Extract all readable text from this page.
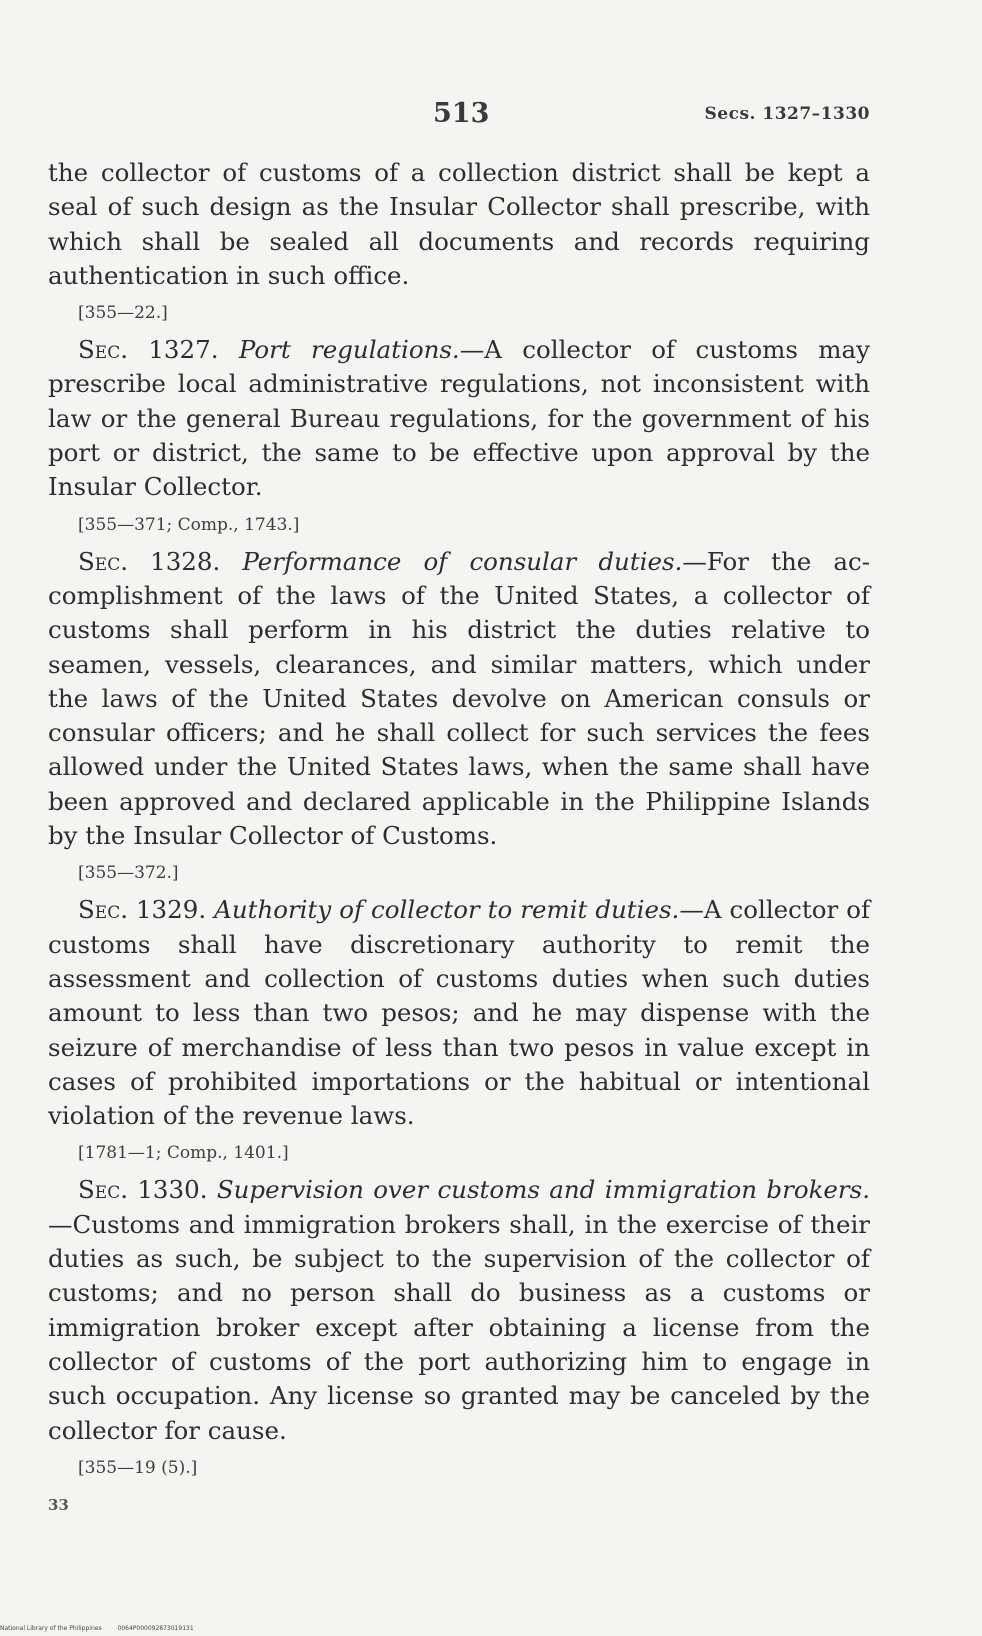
513	Secs. 1327–1330

the collector of customs of a collection district shall be kept a seal of such design as the Insular Collector shall prescribe, with which shall be sealed all documents and records requiring authentication in such office.

[355—22.]

Sec. 1327. Port regulations.—A collector of customs may prescribe local administrative regulations, not inconsistent with law or the general Bureau regulations, for the government of his port or district, the same to be effective upon approval by the Insular Collector.

[355—371; Comp., 1743.]

Sec. 1328. Performance of consular duties.—For the accomplishment of the laws of the United States, a collector of customs shall perform in his district the duties relative to seamen, vessels, clearances, and similar matters, which under the laws of the United States devolve on American consuls or consular officers; and he shall collect for such services the fees allowed under the United States laws, when the same shall have been approved and declared applicable in the Philippine Islands by the Insular Collector of Customs.

[355—372.]

Sec. 1329. Authority of collector to remit duties.—A collector of customs shall have discretionary authority to remit the assessment and collection of customs duties when such duties amount to less than two pesos; and he may dispense with the seizure of merchandise of less than two pesos in value except in cases of prohibited importations or the habitual or intentional violation of the revenue laws.

[1781—1; Comp., 1401.]

Sec. 1330. Supervision over customs and immigration brokers.—Customs and immigration brokers shall, in the exercise of their duties as such, be subject to the supervision of the collector of customs; and no person shall do business as a customs or immigration broker except after obtaining a license from the collector of customs of the port authorizing him to engage in such occupation. Any license so granted may be canceled by the collector for cause.

[355—19 (5).]

33

National Library of the Philippines	0064P000092873019131
